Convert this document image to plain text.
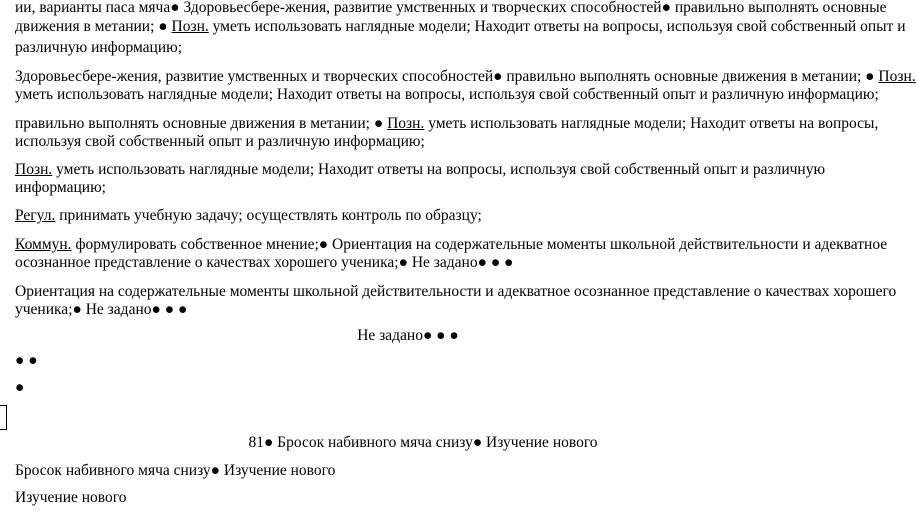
ии, варианты паса мяча● Здоровьесбере-жения, развитие умственных и творческих способностей● правильно выполнять основные
движения в метании; ● Позн. уметь использовать наглядные модели; Находит ответы на вопросы, используя свой собственный опыт и
различную информацию;
Здоровьесбере-жения, развитие умственных и творческих способностей● правильно выполнять основные движения в метании; ● Позн.
уметь использовать наглядные модели; Находит ответы на вопросы, используя свой собственный опыт и различную информацию;
правильно выполнять основные движения в метании; ● Позн. уметь использовать наглядные модели; Находит ответы на вопросы,
используя свой собственный опыт и различную информацию;
Позн. уметь использовать наглядные модели; Находит ответы на вопросы, используя свой собственный опыт и различную
информацию;
Регул. принимать учебную задачу; осуществлять контроль по образцу;
Коммун. формулировать собственное мнение;● Ориентация на содержательные моменты школьной действительности и адекватное
осознанное представление о качествах хорошего ученика;● Не задано● ● ●
Ориентация на содержательные моменты школьной действительности и адекватное осознанное представление о качествах хорошего
ученика;● Не задано● ● ●
Не задано● ● ●
● ●
●
81● Бросок набивного мяча снизу● Изучение нового
Бросок набивного мяча снизу● Изучение нового
Изучение нового
